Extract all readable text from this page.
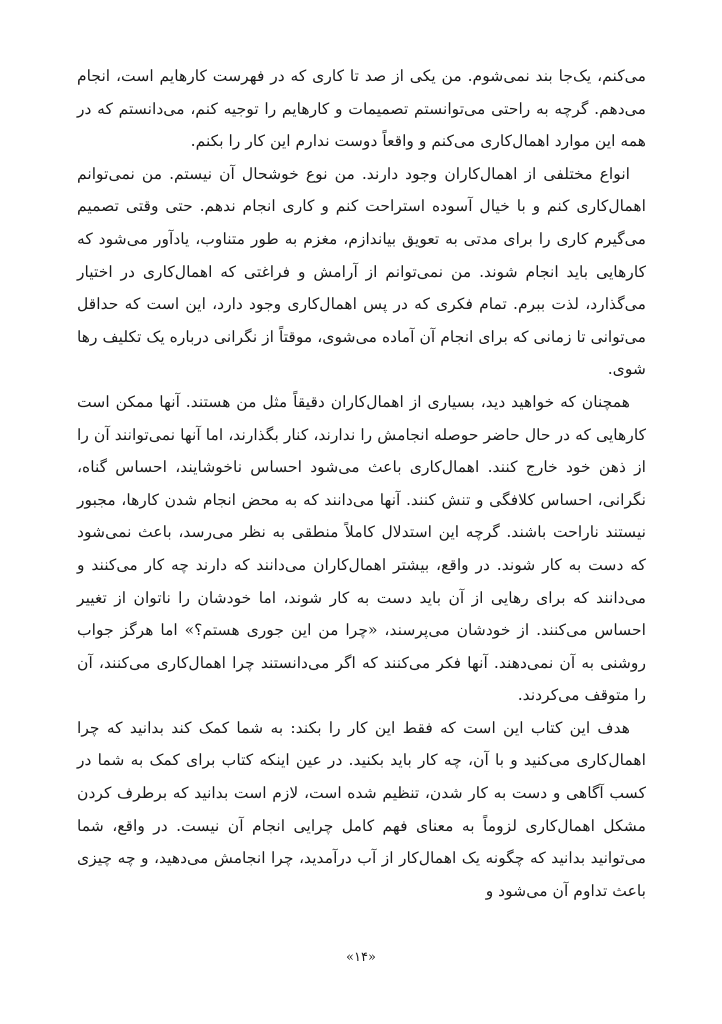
می‌کنم، یک‌جا بند نمی‌شوم. من یکی از صد تا کاری که در فهرست کارهایم است، انجام می‌دهم. گرچه به راحتی می‌توانستم تصمیمات و کارهایم را توجیه کنم، می‌دانستم که در همه این موارد اهمال‌کاری می‌کنم و واقعاً دوست ندارم این کار را بکنم.

انواع مختلفی از اهمال‌کاران وجود دارند. من نوع خوشحال آن نیستم. من نمی‌توانم اهمال‌کاری کنم و با خیال آسوده استراحت کنم و کاری انجام ندهم. حتی وقتی تصمیم می‌گیرم کاری را برای مدتی به تعویق بیاندازم، مغزم به طور متناوب، یادآور می‌شود که کارهایی باید انجام شوند. من نمی‌توانم از آرامش و فراغتی که اهمال‌کاری در اختیار می‌گذارد، لذت ببرم. تمام فکری که در پس اهمال‌کاری وجود دارد، این است که حداقل می‌توانی تا زمانی که برای انجام آن آماده می‌شوی، موقتاً از نگرانی درباره یک تکلیف رها شوی.

همچنان که خواهید دید، بسیاری از اهمال‌کاران دقیقاً مثل من هستند. آنها ممکن است کارهایی که در حال حاضر حوصله انجامش را ندارند، کنار بگذارند، اما آنها نمی‌توانند آن را از ذهن خود خارج کنند. اهمال‌کاری باعث می‌شود احساس ناخوشایند، احساس گناه، نگرانی، احساس کلافگی و تنش کنند. آنها می‌دانند که به محض انجام شدن کارها، مجبور نیستند ناراحت باشند. گرچه این استدلال کاملاً منطقی به نظر می‌رسد، باعث نمی‌شود که دست به کار شوند. در واقع، بیشتر اهمال‌کاران می‌دانند که دارند چه کار می‌کنند و می‌دانند که برای رهایی از آن باید دست به کار شوند، اما خودشان را ناتوان از تغییر احساس می‌کنند. از خودشان می‌پرسند، «چرا من این جوری هستم؟» اما هرگز جواب روشنی به آن نمی‌دهند. آنها فکر می‌کنند که اگر می‌دانستند چرا اهمال‌کاری می‌کنند، آن را متوقف می‌کردند.

هدف این کتاب این است که فقط این کار را بکند: به شما کمک کند بدانید که چرا اهمال‌کاری می‌کنید و با آن، چه کار باید بکنید. در عین اینکه کتاب برای کمک به شما در کسب آگاهی و دست به کار شدن، تنظیم شده است، لازم است بدانید که برطرف کردن مشکل اهمال‌کاری لزوماً به معنای فهم کامل چرایی انجام آن نیست. در واقع، شما می‌توانید بدانید که چگونه یک اهمال‌کار از آب درآمدید، چرا انجامش می‌دهید، و چه چیزی باعث تداوم آن می‌شود و

«۱۴»
